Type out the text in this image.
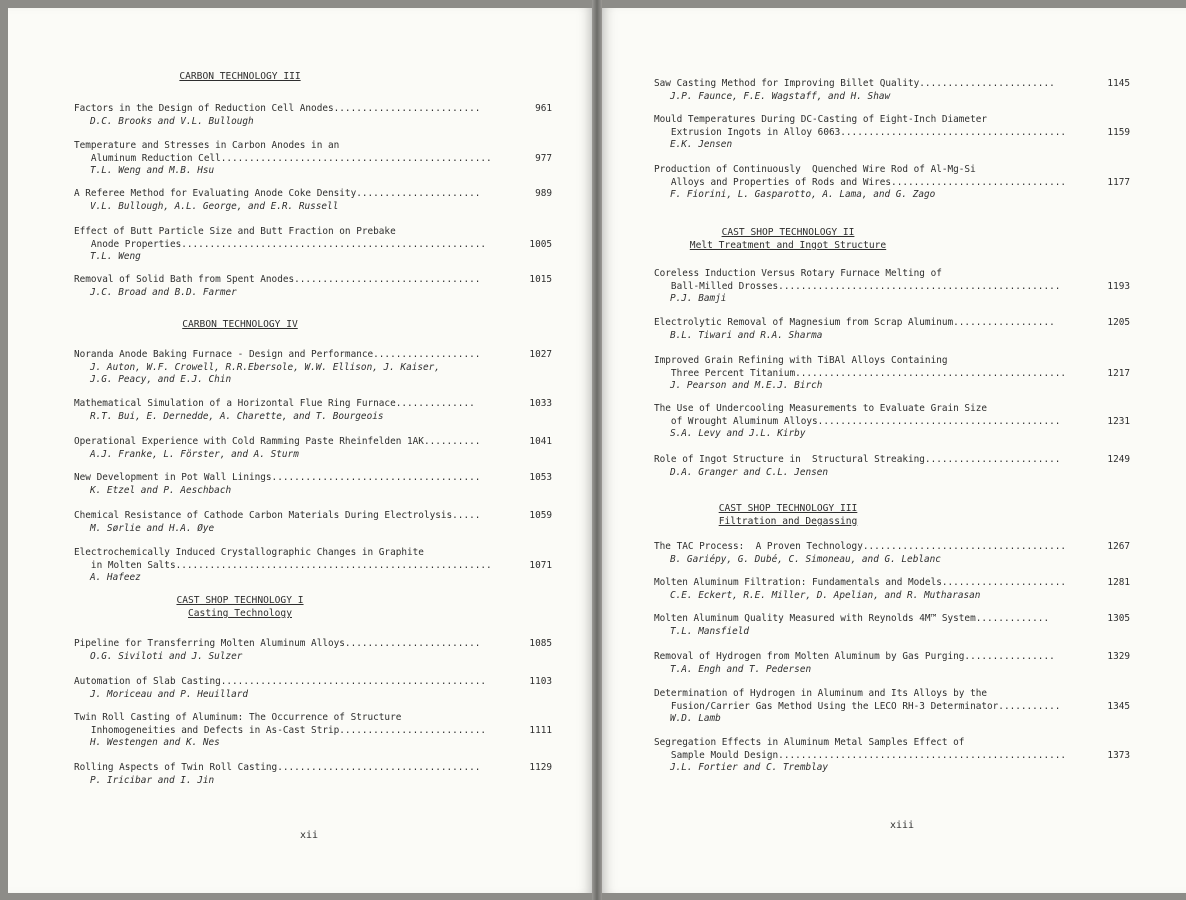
CARBON TECHNOLOGY III
CARBON TECHNOLOGY IV
CAST SHOP TECHNOLOGY I
Casting Technology
Factors in the Design of Reduction Cell Anodes..........................
D.C. Brooks and V.L. Bullough
961
Temperature and Stresses in Carbon Anodes in an
Aluminum Reduction Cell................................................
T.L. Weng and M.B. Hsu
977
A Referee Method for Evaluating Anode Coke Density......................
V.L. Bullough, A.L. George, and E.R. Russell
989
Effect of Butt Particle Size and Butt Fraction on Prebake
Anode Properties......................................................
T.L. Weng
1005
Removal of Solid Bath from Spent Anodes.................................
J.C. Broad and B.D. Farmer
1015
Noranda Anode Baking Furnace - Design and Performance...................
J. Auton, W.F. Crowell, R.R.Ebersole, W.W. Ellison, J. Kaiser,
J.G. Peacy, and E.J. Chin
1027
Mathematical Simulation of a Horizontal Flue Ring Furnace..............
R.T. Bui, E. Dernedde, A. Charette, and T. Bourgeois
1033
Operational Experience with Cold Ramming Paste Rheinfelden 1AK..........
A.J. Franke, L. Förster, and A. Sturm
1041
New Development in Pot Wall Linings.....................................
K. Etzel and P. Aeschbach
1053
Chemical Resistance of Cathode Carbon Materials During Electrolysis.....
M. Sørlie and H.A. Øye
1059
Electrochemically Induced Crystallographic Changes in Graphite
in Molten Salts........................................................
A. Hafeez
1071
Pipeline for Transferring Molten Aluminum Alloys........................
O.G. Siviloti and J. Sulzer
1085
Automation of Slab Casting...............................................
J. Moriceau and P. Heuillard
1103
Twin Roll Casting of Aluminum: The Occurrence of Structure
Inhomogeneities and Defects in As-Cast Strip..........................
H. Westengen and K. Nes
1111
Rolling Aspects of Twin Roll Casting....................................
P. Iricibar and I. Jin
1129
xii
CAST SHOP TECHNOLOGY II
Melt Treatment and Ingot Structure
CAST SHOP TECHNOLOGY III
Filtration and Degassing
Saw Casting Method for Improving Billet Quality........................
J.P. Faunce, F.E. Wagstaff, and H. Shaw
1145
Mould Temperatures During DC-Casting of Eight-Inch Diameter
Extrusion Ingots in Alloy 6063........................................
E.K. Jensen
1159
Production of Continuously  Quenched Wire Rod of Al-Mg-Si
Alloys and Properties of Rods and Wires...............................
F. Fiorini, L. Gasparotto, A. Lama, and G. Zago
1177
Coreless Induction Versus Rotary Furnace Melting of
Ball-Milled Drosses..................................................
P.J. Bamji
1193
Electrolytic Removal of Magnesium from Scrap Aluminum..................
B.L. Tiwari and R.A. Sharma
1205
Improved Grain Refining with TiBAl Alloys Containing
Three Percent Titanium................................................
J. Pearson and M.E.J. Birch
1217
The Use of Undercooling Measurements to Evaluate Grain Size
of Wrought Aluminum Alloys...........................................
S.A. Levy and J.L. Kirby
1231
Role of Ingot Structure in  Structural Streaking........................
D.A. Granger and C.L. Jensen
1249
The TAC Process:  A Proven Technology....................................
B. Gariépy, G. Dubé, C. Simoneau, and G. Leblanc
1267
Molten Aluminum Filtration: Fundamentals and Models......................
C.E. Eckert, R.E. Miller, D. Apelian, and R. Mutharasan
1281
Molten Aluminum Quality Measured with Reynolds 4M™ System.............
T.L. Mansfield
1305
Removal of Hydrogen from Molten Aluminum by Gas Purging................
T.A. Engh and T. Pedersen
1329
Determination of Hydrogen in Aluminum and Its Alloys by the
Fusion/Carrier Gas Method Using the LECO RH-3 Determinator...........
W.D. Lamb
1345
Segregation Effects in Aluminum Metal Samples Effect of
Sample Mould Design...................................................
J.L. Fortier and C. Tremblay
1373
xiii
